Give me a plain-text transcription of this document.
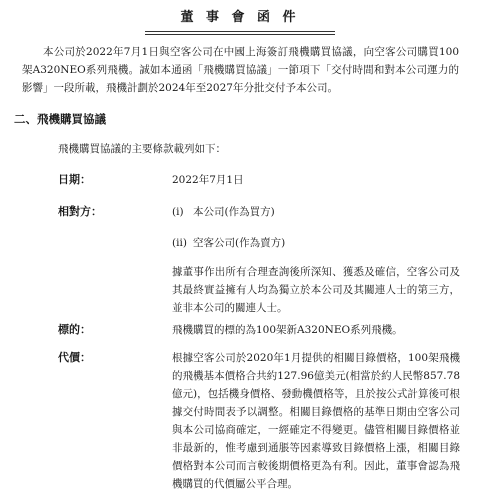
董 事 會 函 件
本公司於2022年7月1日與空客公司在中國上海簽訂飛機購買協議，向空客公司購買100架A320NEO系列飛機。誠如本通函「飛機購買協議」一節項下「交付時間和對本公司運力的影響」一段所載，飛機計劃於2024年至2027年分批交付予本公司。
二、飛機購買協議
飛機購買協議的主要條款載列如下：
日期：	2022年7月1日
相對方：	(i) 本公司(作為買方)
(ii) 空客公司(作為賣方)
據董事作出所有合理查詢後所深知、獲悉及確信，空客公司及其最終實益擁有人均為獨立於本公司及其關連人士的第三方，並非本公司的關連人士。
標的：	飛機購買的標的為100架新A320NEO系列飛機。
代價：	根據空客公司於2020年1月提供的相關目錄價格，100架飛機的飛機基本價格合共約127.96億美元(相當於約人民幣857.78億元)，包括機身價格、發動機價格等，且於按公式計算後可根據交付時間表予以調整。相關目錄價格的基準日期由空客公司與本公司協商確定，一經確定不得變更。儘管相關目錄價格並非最新的，惟考慮到通脹等因素導致目錄價格上漲，相關目錄價格對本公司而言較後期價格更為有利。因此，董事會認為飛機購買的代價屬公平合理。
